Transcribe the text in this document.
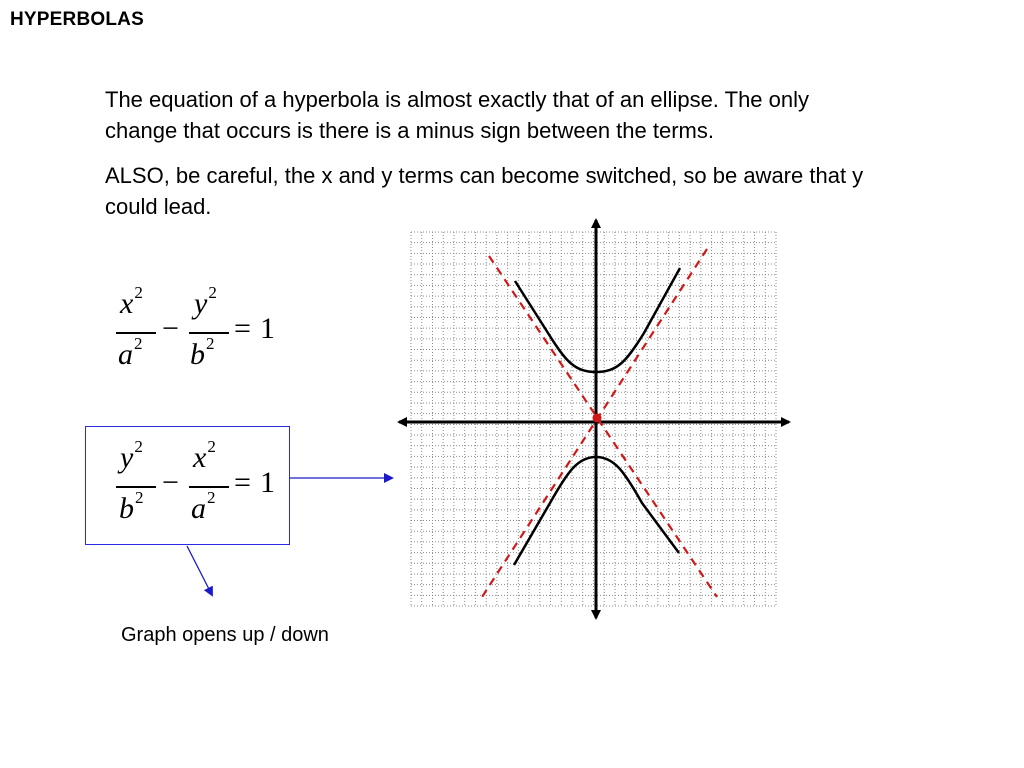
HYPERBOLAS

The equation of a hyperbola is almost exactly that of an ellipse. The only change that occurs is there is a minus sign between the terms.

ALSO, be careful, the x and y terms can become switched, so be aware that y could lead.

$x^2$
$a^2$ −
$y^2$
$b^2 = 1$
$y^2$
$b^2$ −
$x^2$
$a^2 = 1$
Graph opens up / down
